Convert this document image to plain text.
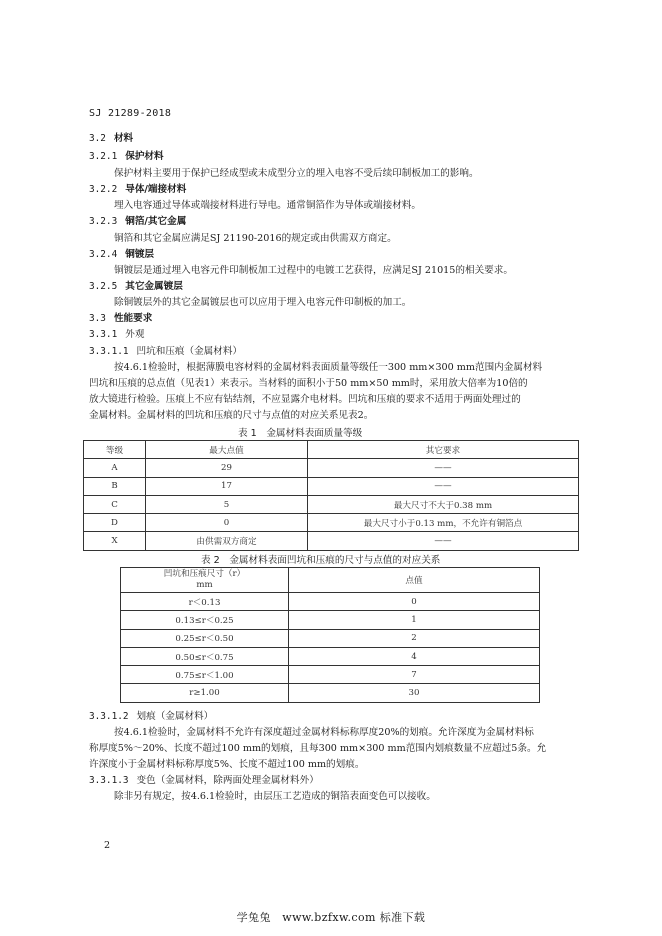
SJ 21289-2018
3.2 材料
3.2.1 保护材料
保护材料主要用于保护已经成型或未成型分立的埋入电容不受后续印制板加工的影响。
3.2.2 导体/端接材料
埋入电容通过导体或端接材料进行导电。通常铜箔作为导体或端接材料。
3.2.3 铜箔/其它金属
铜箔和其它金属应满足SJ 21190-2016的规定或由供需双方商定。
3.2.4 铜镀层
铜镀层是通过埋入电容元件印制板加工过程中的电镀工艺获得，应满足SJ 21015的相关要求。
3.2.5 其它金属镀层
除铜镀层外的其它金属镀层也可以应用于埋入电容元件印制板的加工。
3.3 性能要求
3.3.1 外观
3.3.1.1 凹坑和压痕（金属材料）
按4.6.1检验时，根据薄膜电容材料的金属材料表面质量等级任一300 mm×300 mm范围内金属材料
凹坑和压痕的总点值（见表1）来表示。当材料的面积小于50 mm×50 mm时，采用放大倍率为10倍的
放大镜进行检验。压痕上不应有钻结剂，不应显露介电材料。凹坑和压痕的要求不适用于两面处理过的
金属材料。金属材料的凹坑和压痕的尺寸与点值的对应关系见表2。
表 1　金属材料表面质量等级
等级	最大点值	其它要求
A	29	——
B	17	——
C	5	最大尺寸不大于0.38 mm
D	0	最大尺寸小于0.13 mm，不允许有铜箔点
X	由供需双方商定	——
表 2　金属材料表面凹坑和压痕的尺寸与点值的对应关系
凹坑和压痕尺寸（r）
mm	点值
r＜0.13	0
0.13≤r＜0.25	1
0.25≤r＜0.50	2
0.50≤r＜0.75	4
0.75≤r＜1.00	7
r≥1.00	30
3.3.1.2 划痕（金属材料）
按4.6.1检验时，金属材料不允许有深度超过金属材料标称厚度20%的划痕。允许深度为金属材料标
称厚度5%～20%、长度不超过100 mm的划痕，且每300 mm×300 mm范围内划痕数量不应超过5条。允
许深度小于金属材料标称厚度5%、长度不超过100 mm的划痕。
3.3.1.3 变色（金属材料，除两面处理金属材料外）
除非另有规定，按4.6.1检验时，由层压工艺造成的铜箔表面变色可以接收。
2
学兔兔　www.bzfxw.com 标准下载
